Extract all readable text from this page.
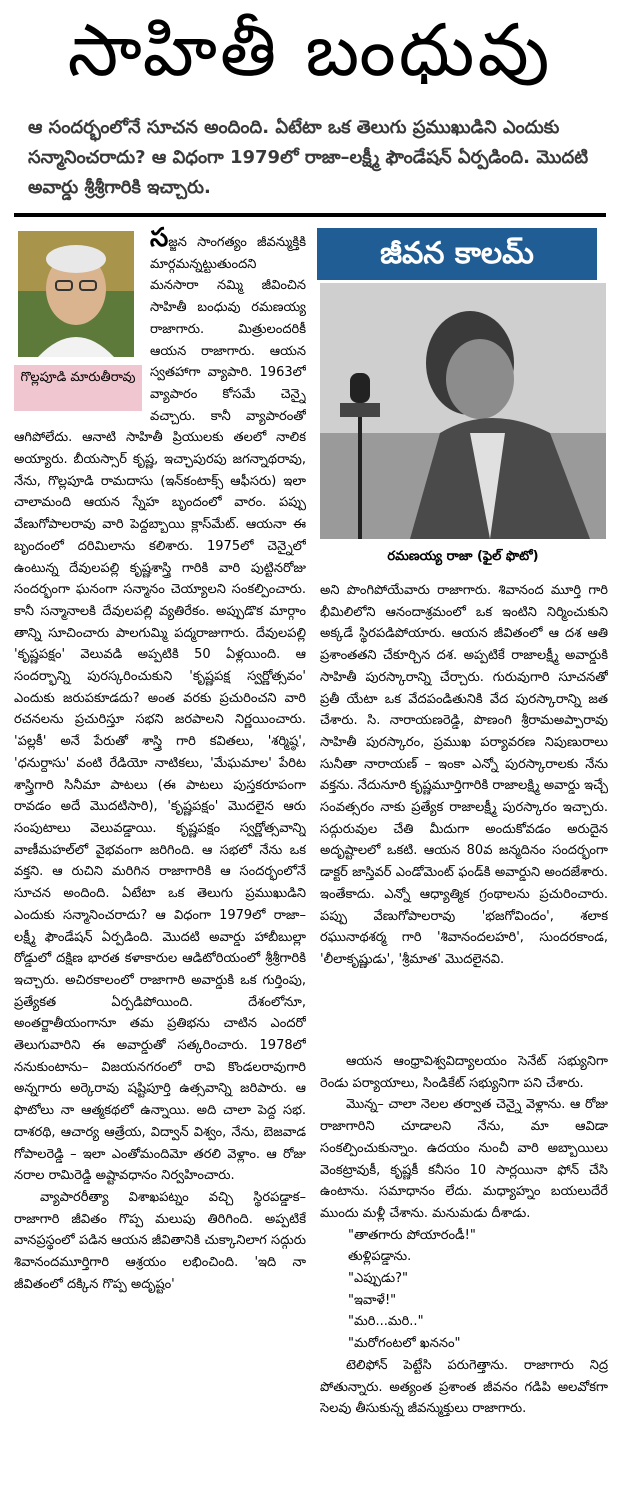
సాహితీ బంధువు
ఆ సందర్భంలోనే సూచన అందింది. ఏటేటా ఒక తెలుగు ప్రముఖుడిని ఎందుకు సన్మానించరాదు? ఆ విధంగా 1979లో రాజా–లక్ష్మీ ఫౌండేషన్ ఏర్పడింది. మొదటి అవార్డు శ్రీశ్రీగారికి ఇచ్చారు.
గొల్లపూడి మారుతీరావు

సజ్జన సాంగత్యం జీవన్ముక్తికి మార్గమన్నట్టుతుందని మనసారా నమ్మి జీవించిన సాహితీ బంధువు రమణయ్య రాజాగారు. మిత్రులందరికీ ఆయన రాజాగారు. ఆయన స్వతహాగా వ్యాపారి. 1963లో వ్యాపారం కోసమే చెన్నై వచ్చారు. కానీ వ్యాపారంతో ఆగిపోలేదు. ఆనాటి సాహితీ ప్రియులకు తలలో నాలిక అయ్యారు. బీయస్సార్ కృష్ణ, ఇచ్ఛాపురపు జగన్నాథరావు, నేను, గొల్లపూడి రామదాసు (ఇన్‌కంటాక్స్ ఆఫీసరు) ఇలా చాలామంది ఆయన స్నేహ బృందంలో వారం. పప్పు వేణుగోపాలరావు వారి పెద్దబ్బాయి క్లాస్‌మేట్. ఆయనా ఈ బృందంలో దరిమిలాను కలిశారు. 1975లో చెన్నైలో ఉంటున్న దేవులపల్లి కృష్ణశాస్త్రి గారికి వారి పుట్టినరోజు సందర్భంగా ఘనంగా సన్మానం చెయ్యాలని సంకల్పించారు. కానీ సన్మానాలకి దేవులపల్లి వ్యతిరేకం. అప్పుడొక మార్గాం తాన్ని సూచించారు పాలగుమ్మి పద్మరాజుగారు. దేవులపల్లి 'కృష్ణపక్షం' వెలువడి అప్పటికి 50 ఏళ్లయింది. ఆ సందర్భాన్ని పురస్కరించుకుని 'కృష్ణపక్ష స్వర్ణోత్సవం' ఎందుకు జరుపకూడదు? అంత వరకు ప్రచురించని వారి రచనలను ప్రచురిస్తూ సభని జరపాలని నిర్ణయించారు. 'పల్లకీ' అనే పేరుతో శాస్త్రి గారి కవితలు, 'శర్మిష్ఠ', 'ధనుర్దాసు' వంటి రేడియో నాటికలు, 'మేఘమాల' పేరిట శాస్త్రిగారి సినీమా పాటలు (ఈ పాటలు పుస్తకరూపంగా రావడం అదే మొదటిసారి), 'కృష్ణపక్షం' మొదలైన ఆరు సంపుటాలు వెలువడ్డాయి. కృష్ణపక్షం స్వర్ణోత్సవాన్ని వాణీమహల్‌లో వైభవంగా జరిగింది. ఆ సభలో నేను ఒక వక్తని. ఆ రుచిని మరిగిన రాజాగారికి ఆ సందర్భంలోనే సూచన అందింది. ఏటేటా ఒక తెలుగు ప్రముఖుడిని ఎందుకు సన్మానించరాదు? ఆ విధంగా 1979లో రాజా–లక్ష్మీ ఫౌండేషన్ ఏర్పడింది. మొదటి అవార్డు హాబీబుల్లా రోడ్డులో దక్షిణ భారత కళాకారుల ఆడిటోరియంలో శ్రీశ్రీగారికి ఇచ్చారు. అచిరకాలంలో రాజాగారి అవార్డుకి ఒక గుర్తింపు, ప్రత్యేకత ఏర్పడిపోయింది. దేశంలోనూ, అంతర్జాతీయంగానూ తమ ప్రతిభను చాటిన ఎందరో తెలుగువారిని ఈ అవార్డుతో సత్కరించారు. 1978లో ననుకుంటాను– విజయనగరంలో రావి కొండలరావుగారి అన్నగారు అర్కెరావు షష్టిపూర్తి ఉత్సవాన్ని జరిపారు. ఆ ఫొటోలు నా ఆత్మకథలో ఉన్నాయి. అది చాలా పెద్ద సభ. దాశరథి, ఆచార్య ఆత్రేయ, విద్వాన్ విశ్వం, నేను, బెజవాడ గోపాలరెడ్డి – ఇలా ఎంతోమందిమో తరలి వెళ్లాం. ఆ రోజు నరాల రామిరెడ్డి అష్టావధానం నిర్వహించారు.

వ్యాపారరీత్యా విశాఖపట్నం వచ్చి స్థిరపడ్డాక– రాజాగారి జీవితం గొప్ప మలుపు తిరిగింది. అప్పటికే వానప్రస్థంలో పడిన ఆయన జీవితానికి చుక్కానిలాగ సద్గురు శివానందమూర్తిగారి ఆశ్రయం లభించింది. 'ఇది నా జీవితంలో దక్కిన గొప్ప అదృష్టం'

జీవన కాలమ్
రమణయ్య రాజా (ఫైల్ ఫొటో)

అని పొంగిపోయేవారు రాజాగారు. శివానంద మూర్తి గారి భీమిలిలోని ఆనందాశ్రమంలో ఒక ఇంటిని నిర్మించుకుని అక్కడే స్థిరపడిపోయారు. ఆయన జీవితంలో ఆ దశ ఆతి ప్రశాంతతని చేకూర్చిన దశ. అప్పటికే రాజాలక్ష్మీ అవార్డుకి సాహితీ పురస్కారాన్ని చేర్చారు. గురువుగారి సూచనతో ప్రతీ యేటా ఒక వేదపండితునికి వేద పురస్కారాన్ని జత చేశారు. సి. నారాయణరెడ్డి, పొణంగి శ్రీరామఅప్పారావు సాహితీ పురస్కారం, ప్రముఖ పర్యావరణ నిపుణురాలు సునీతా నారాయణ్ – ఇంకా ఎన్నో పురస్కారాలకు నేను వక్తను. నేదునూరి కృష్ణమూర్తిగారికి రాజాలక్ష్మి అవార్డు ఇచ్చే సంవత్సరం నాకు ప్రత్యేక రాజాలక్ష్మీ పురస్కారం ఇచ్చారు. సద్గురువుల చేతి మీదుగా అందుకోవడం అరుదైన అదృష్టాలలో ఒకటి. ఆయన 80వ జన్మదినం సందర్భంగా డాక్టర్ జాస్తివర్ ఎండోమెంట్ ఫండ్‌కి అవార్డుని అందజేశారు. ఇంతేకాదు. ఎన్నో ఆధ్యాత్మిక గ్రంథాలను ప్రచురించారు. పప్పు వేణుగోపాలరావు 'భజగోవిందం', శలాక రఘునాథశర్మ గారి 'శివానందలహరి', సుందరకాండ, 'లీలాకృష్ణుడు', 'శ్రీమాత' మొదలైనవి.

ఆయన ఆంధ్రావిశ్వవిద్యాలయం సెనేట్ సభ్యునిగా రెండు పర్యాయాలు, సిండికేట్ సభ్యునిగా పని చేశారు.

మొన్న– చాలా నెలల తర్వాత చెన్నై వెళ్లాను. ఆ రోజు రాజాగారిని చూడాలని నేను, మా ఆవిడా సంకల్పించుకున్నాం. ఉదయం నుంచీ వారి అబ్బాయిలు వెంకట్రావుకీ, కృష్ణకీ కనీసం 10 సార్లయినా ఫోన్ చేసి ఉంటాను. సమాధానం లేదు. మధ్యాహ్నం బయలుదేరే ముందు మళ్లీ చేశాను. మనుమడు దీశాడు.

"తాతగారు పోయారండీ!"

తుళ్లిపడ్డాను.

"ఎప్పుడు?"

"ఇవాళే!"

"మరి...మరి.."

"మరోగంటలో ఖననం"

టెలిఫోన్ పెట్టేసి పరుగెత్తాను. రాజాగారు నిద్ర పోతున్నారు. అత్యంత ప్రశాంత జీవనం గడిపి అలవోకగా సెలవు తీసుకున్న జీవన్ముక్తులు రాజాగారు.
